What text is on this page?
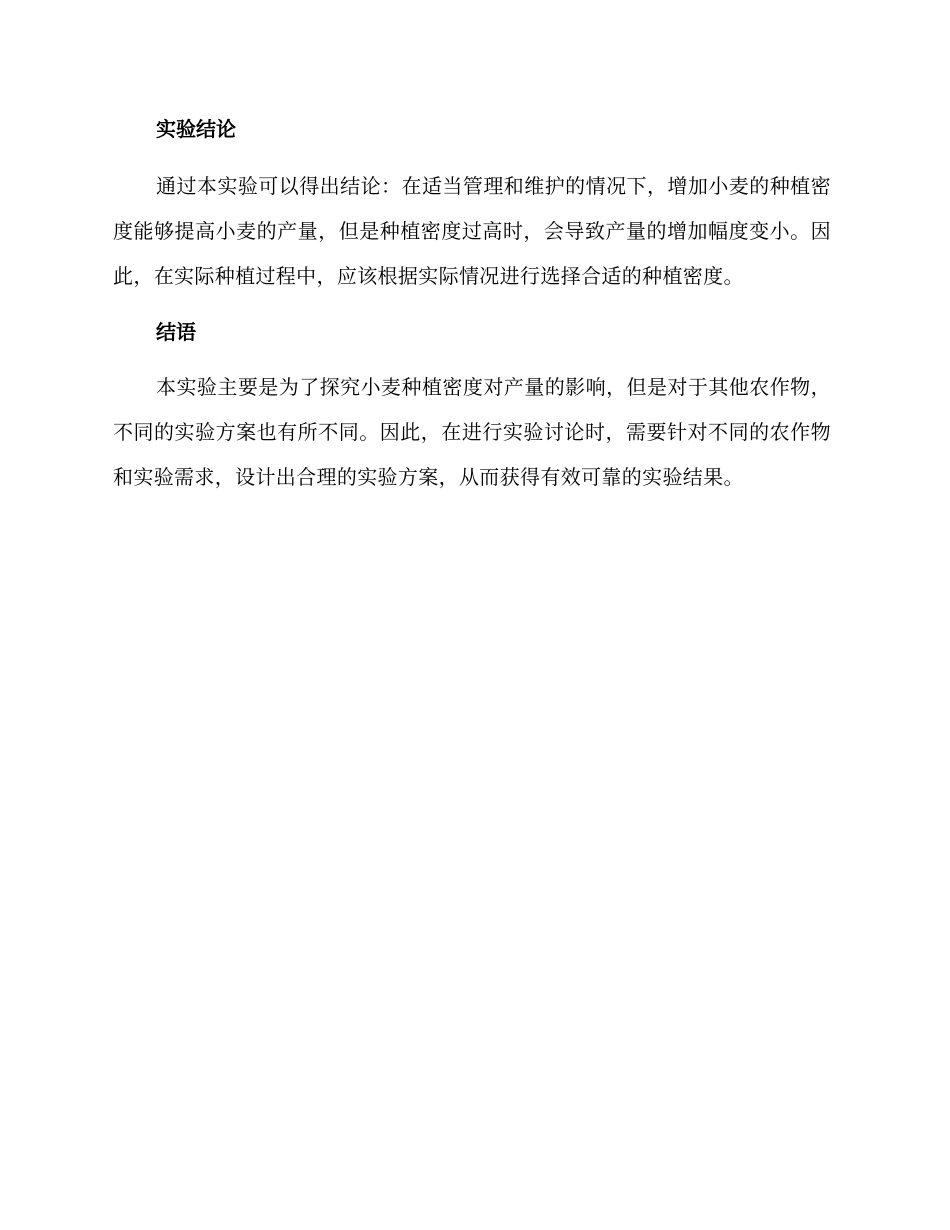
实验结论

通过本实验可以得出结论：在适当管理和维护的情况下，增加小麦的种植密度能够提高小麦的产量，但是种植密度过高时，会导致产量的增加幅度变小。因此，在实际种植过程中，应该根据实际情况进行选择合适的种植密度。

结语

本实验主要是为了探究小麦种植密度对产量的影响，但是对于其他农作物，不同的实验方案也有所不同。因此，在进行实验讨论时，需要针对不同的农作物和实验需求，设计出合理的实验方案，从而获得有效可靠的实验结果。
